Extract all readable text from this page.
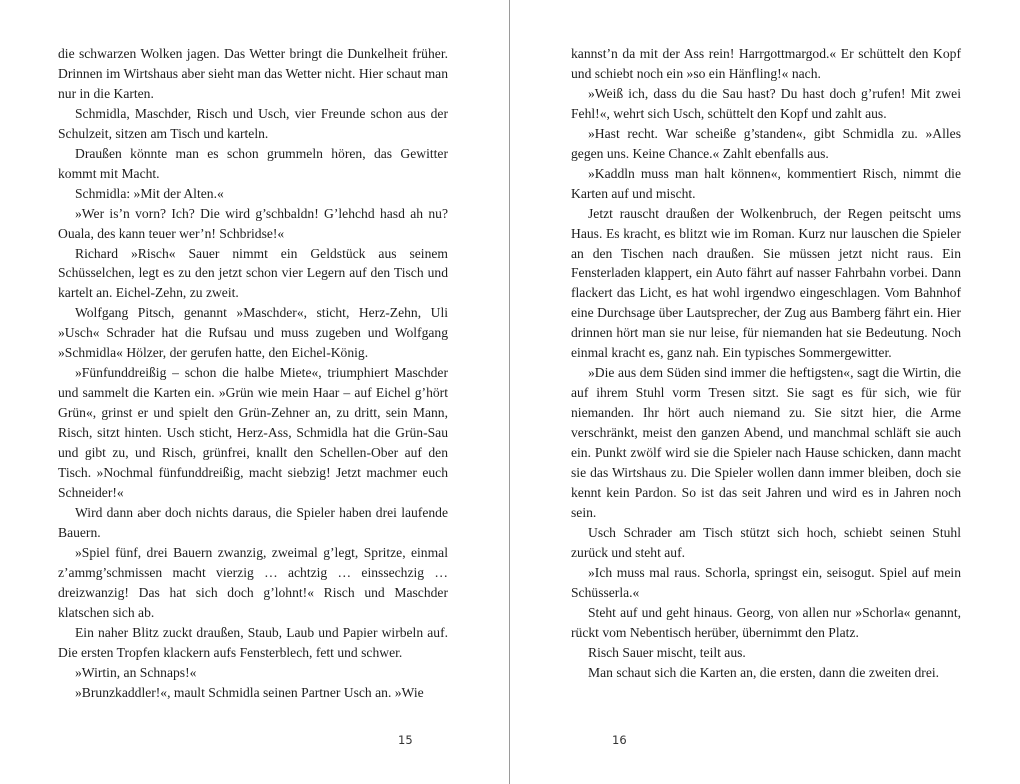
die schwarzen Wolken jagen. Das Wetter bringt die Dunkelheit früher. Drinnen im Wirtshaus aber sieht man das Wetter nicht. Hier schaut man nur in die Karten.

Schmidla, Maschder, Risch und Usch, vier Freunde schon aus der Schulzeit, sitzen am Tisch und karteln.

Draußen könnte man es schon grummeln hören, das Gewitter kommt mit Macht.

Schmidla: »Mit der Alten.«

»Wer is’n vorn? Ich? Die wird g’schbaldn! G’lehchd hasd ah nu? Ouala, des kann teuer wer’n! Schbridse!«

Richard »Risch« Sauer nimmt ein Geldstück aus seinem Schüsselchen, legt es zu den jetzt schon vier Legern auf den Tisch und kartelt an. Eichel-Zehn, zu zweit.

Wolfgang Pitsch, genannt »Maschder«, sticht, Herz-Zehn, Uli »Usch« Schrader hat die Rufsau und muss zugeben und Wolfgang »Schmidla« Hölzer, der gerufen hatte, den Eichel-König.

»Fünfunddreißig – schon die halbe Miete«, triumphiert Maschder und sammelt die Karten ein. »Grün wie mein Haar – auf Eichel g’hört Grün«, grinst er und spielt den Grün-Zehner an, zu dritt, sein Mann, Risch, sitzt hinten. Usch sticht, Herz-Ass, Schmidla hat die Grün-Sau und gibt zu, und Risch, grünfrei, knallt den Schellen-Ober auf den Tisch. »Nochmal fünfunddreißig, macht siebzig! Jetzt machmer euch Schneider!«

Wird dann aber doch nichts daraus, die Spieler haben drei laufende Bauern.

»Spiel fünf, drei Bauern zwanzig, zweimal g’legt, Spritze, einmal z’ammg’schmissen macht vierzig … achtzig … einssechzig … dreizwanzig! Das hat sich doch g’lohnt!« Risch und Maschder klatschen sich ab.

Ein naher Blitz zuckt draußen, Staub, Laub und Papier wirbeln auf. Die ersten Tropfen klackern aufs Fensterblech, fett und schwer.

»Wirtin, an Schnaps!«

»Brunzkaddler!«, mault Schmidla seinen Partner Usch an. »Wie

kannst’n da mit der Ass rein! Harrgottmargod.« Er schüttelt den Kopf und schiebt noch ein »so ein Hänfling!« nach.

»Weiß ich, dass du die Sau hast? Du hast doch g’rufen! Mit zwei Fehl!«, wehrt sich Usch, schüttelt den Kopf und zahlt aus.

»Hast recht. War scheiße g’standen«, gibt Schmidla zu. »Alles gegen uns. Keine Chance.« Zahlt ebenfalls aus.

»Kaddln muss man halt können«, kommentiert Risch, nimmt die Karten auf und mischt.

Jetzt rauscht draußen der Wolkenbruch, der Regen peitscht ums Haus. Es kracht, es blitzt wie im Roman. Kurz nur lauschen die Spieler an den Tischen nach draußen. Sie müssen jetzt nicht raus. Ein Fensterladen klappert, ein Auto fährt auf nasser Fahrbahn vorbei. Dann flackert das Licht, es hat wohl irgendwo eingeschlagen. Vom Bahnhof eine Durchsage über Lautsprecher, der Zug aus Bamberg fährt ein. Hier drinnen hört man sie nur leise, für niemanden hat sie Bedeutung. Noch einmal kracht es, ganz nah. Ein typisches Sommergewitter.

»Die aus dem Süden sind immer die heftigsten«, sagt die Wirtin, die auf ihrem Stuhl vorm Tresen sitzt. Sie sagt es für sich, wie für niemanden. Ihr hört auch niemand zu. Sie sitzt hier, die Arme verschränkt, meist den ganzen Abend, und manchmal schläft sie auch ein. Punkt zwölf wird sie die Spieler nach Hause schicken, dann macht sie das Wirtshaus zu. Die Spieler wollen dann immer bleiben, doch sie kennt kein Pardon. So ist das seit Jahren und wird es in Jahren noch sein.

Usch Schrader am Tisch stützt sich hoch, schiebt seinen Stuhl zurück und steht auf.

»Ich muss mal raus. Schorla, springst ein, seisogut. Spiel auf mein Schüsserla.«

Steht auf und geht hinaus. Georg, von allen nur »Schorla« genannt, rückt vom Nebentisch herüber, übernimmt den Platz.

Risch Sauer mischt, teilt aus.

Man schaut sich die Karten an, die ersten, dann die zweiten drei.

15	16
